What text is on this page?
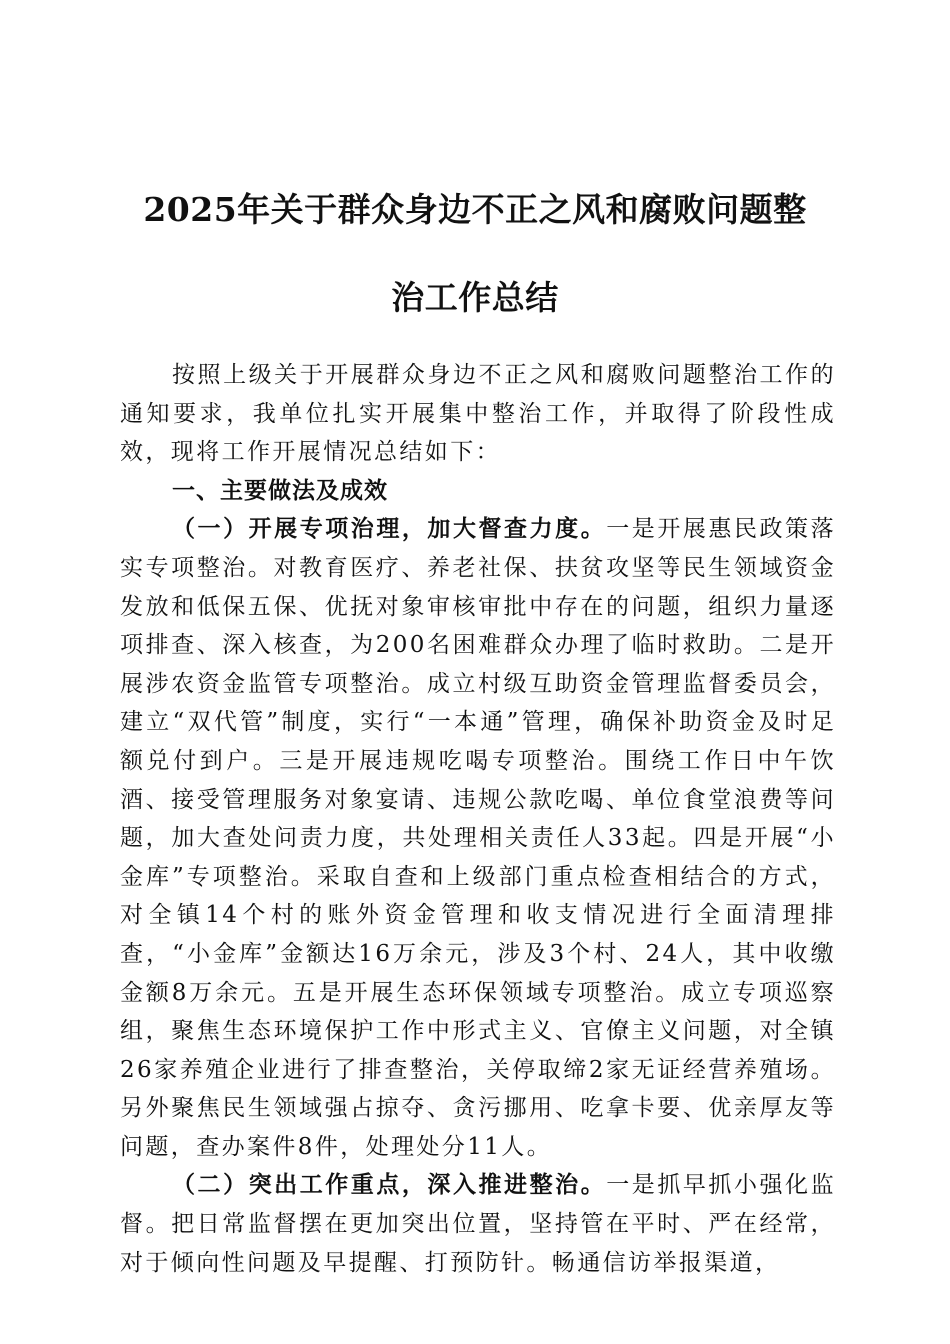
2025年关于群众身边不正之风和腐败问题整
治工作总结

按照上级关于开展群众身边不正之风和腐败问题整治工作的通知要求，我单位扎实开展集中整治工作，并取得了阶段性成效，现将工作开展情况总结如下：

一、主要做法及成效

（一）开展专项治理，加大督查力度。一是开展惠民政策落实专项整治。对教育医疗、养老社保、扶贫攻坚等民生领域资金发放和低保五保、优抚对象审核审批中存在的问题，组织力量逐项排查、深入核查，为200名困难群众办理了临时救助。二是开展涉农资金监管专项整治。成立村级互助资金管理监督委员会，建立“双代管”制度，实行“一本通”管理，确保补助资金及时足额兑付到户。三是开展违规吃喝专项整治。围绕工作日中午饮酒、接受管理服务对象宴请、违规公款吃喝、单位食堂浪费等问题，加大查处问责力度，共处理相关责任人33起。四是开展“小金库”专项整治。采取自查和上级部门重点检查相结合的方式，对全镇14个村的账外资金管理和收支情况进行全面清理排查，“小金库”金额达16万余元，涉及3个村、24人，其中收缴金额8万余元。五是开展生态环保领域专项整治。成立专项巡察组，聚焦生态环境保护工作中形式主义、官僚主义问题，对全镇26家养殖企业进行了排查整治，关停取缔2家无证经营养殖场。另外聚焦民生领域强占掠夺、贪污挪用、吃拿卡要、优亲厚友等问题，查办案件8件，处理处分11人。

（二）突出工作重点，深入推进整治。一是抓早抓小强化监督。把日常监督摆在更加突出位置，坚持管在平时、严在经常，对于倾向性问题及早提醒、打预防针。畅通信访举报渠道，
